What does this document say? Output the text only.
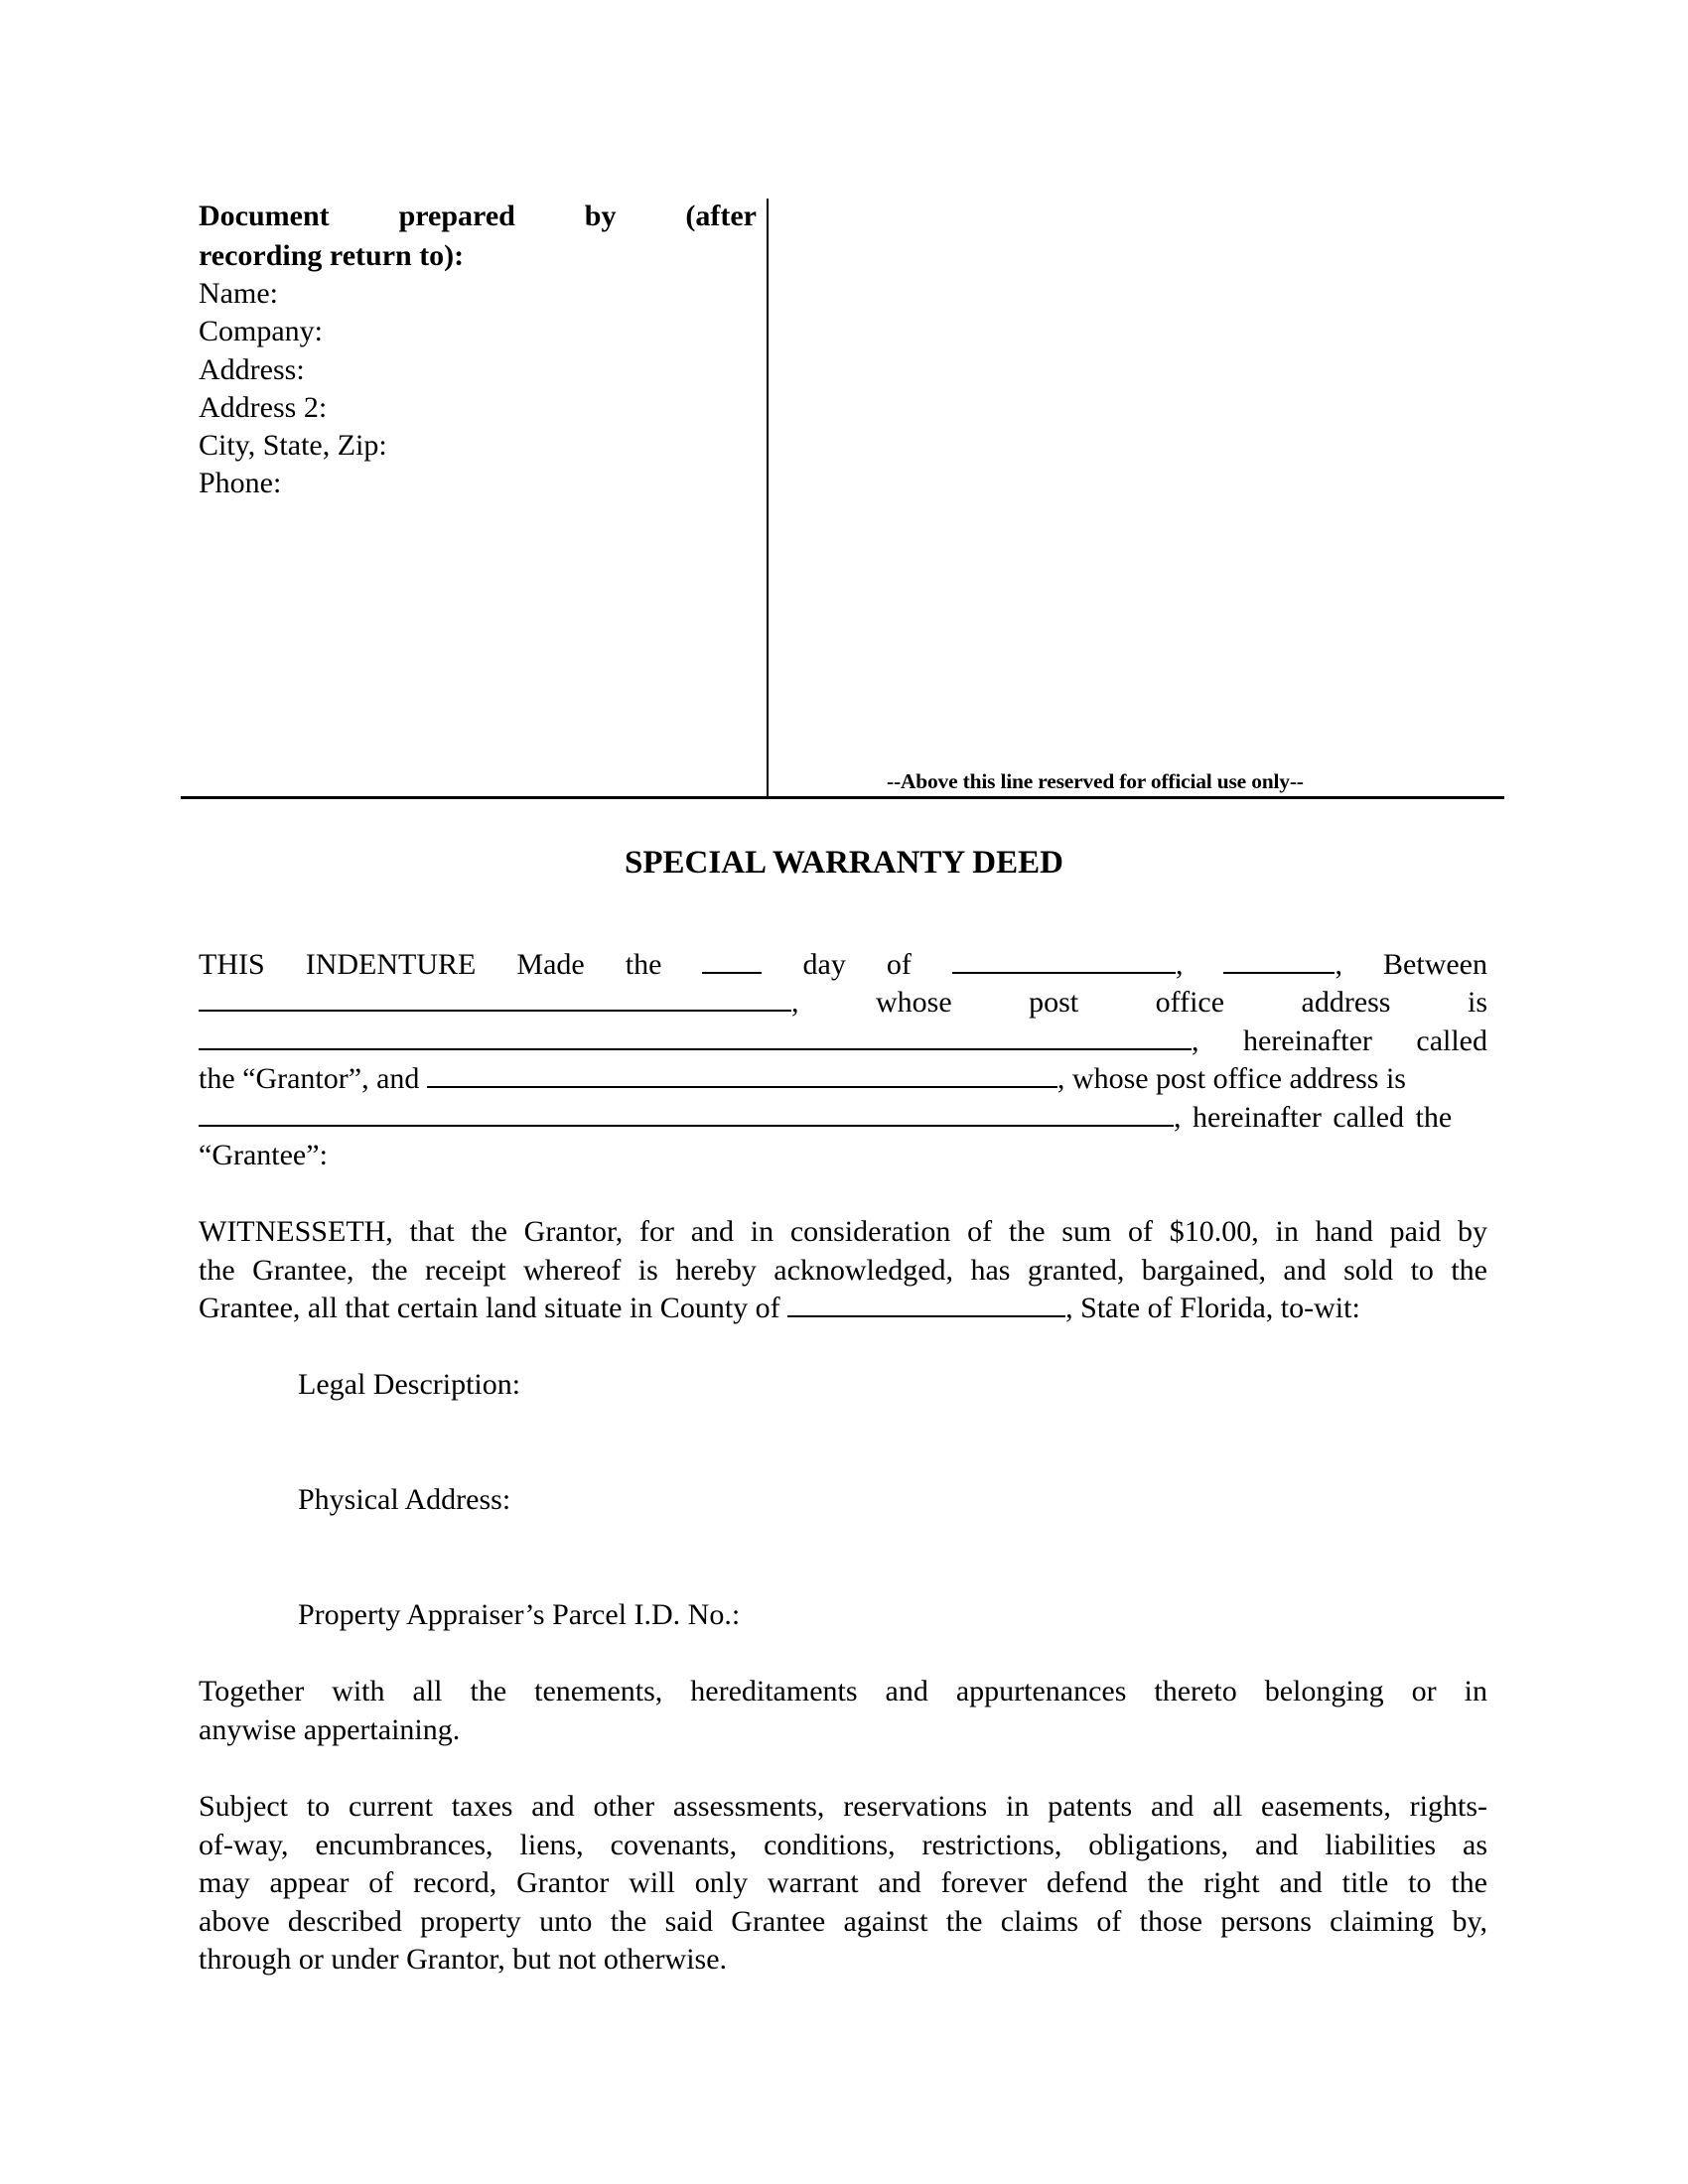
Document prepared by (after
recording return to):
Name:
Company:
Address:
Address 2:
City, State, Zip:
Phone:
--Above this line reserved for official use only--
SPECIAL WARRANTY DEED
THIS INDENTURE Made the	day of	,	, Between
,	whose	post	office	address	is
, hereinafter called
the “Grantor”, and	, whose post office address is
, hereinafter called the
“Grantee”:
WITNESSETH, that the Grantor, for and in consideration of the sum of $10.00, in hand paid by
the Grantee, the receipt whereof is hereby acknowledged, has granted, bargained, and sold to the
Grantee, all that certain land situate in County of	, State of Florida, to-wit:
Legal Description:
Physical Address:
Property Appraiser’s Parcel I.D. No.:
Together with all the tenements, hereditaments and appurtenances thereto belonging or in
anywise appertaining.
Subject to current taxes and other assessments, reservations in patents and all easements, rights-
of-way, encumbrances, liens, covenants, conditions, restrictions, obligations, and liabilities as
may appear of record, Grantor will only warrant and forever defend the right and title to the
above described property unto the said Grantee against the claims of those persons claiming by,
through or under Grantor, but not otherwise.
